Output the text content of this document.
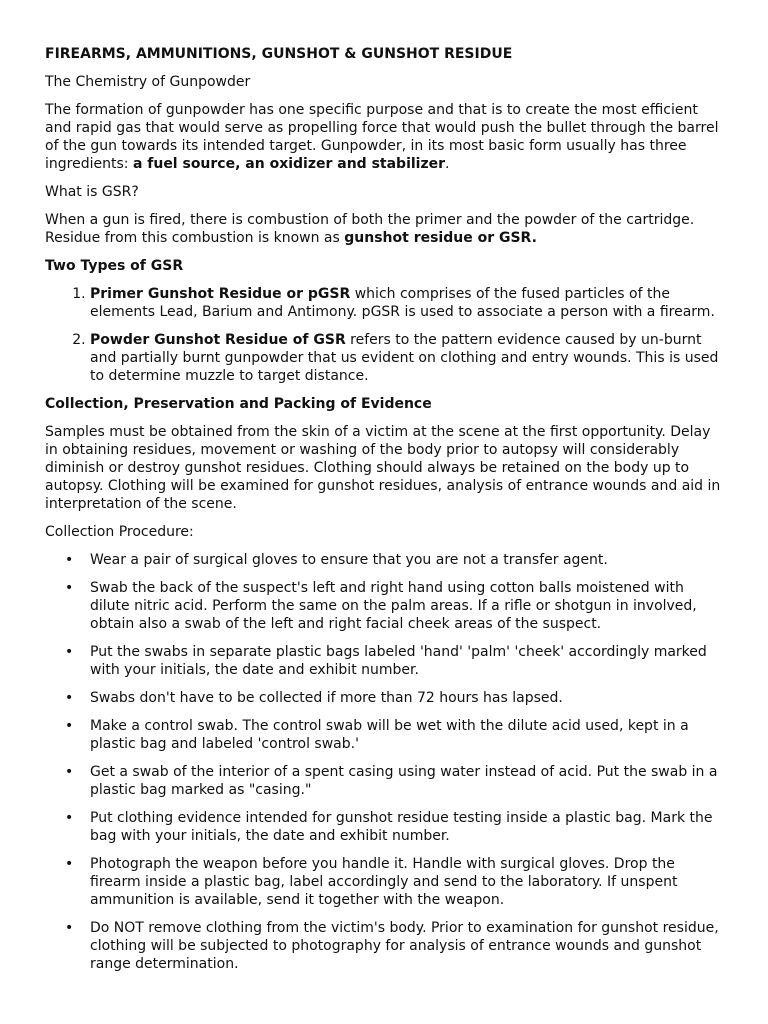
FIREARMS, AMMUNITIONS, GUNSHOT & GUNSHOT RESIDUE

The Chemistry of Gunpowder

The formation of gunpowder has one specific purpose and that is to create the most efficient and rapid gas that would serve as propelling force that would push the bullet through the barrel of the gun towards its intended target. Gunpowder, in its most basic form usually has three ingredients: a fuel source, an oxidizer and stabilizer.

What is GSR?

When a gun is fired, there is combustion of both the primer and the powder of the cartridge. Residue from this combustion is known as gunshot residue or GSR.

Two Types of GSR
1. Primer Gunshot Residue or pGSR which comprises of the fused particles of the elements Lead, Barium and Antimony. pGSR is used to associate a person with a firearm.
2. Powder Gunshot Residue of GSR refers to the pattern evidence caused by un-burnt and partially burnt gunpowder that us evident on clothing and entry wounds. This is used to determine muzzle to target distance.
Collection, Preservation and Packing of Evidence

Samples must be obtained from the skin of a victim at the scene at the first opportunity. Delay in obtaining residues, movement or washing of the body prior to autopsy will considerably diminish or destroy gunshot residues. Clothing should always be retained on the body up to autopsy. Clothing will be examined for gunshot residues, analysis of entrance wounds and aid in interpretation of the scene.

Collection Procedure:

• Wear a pair of surgical gloves to ensure that you are not a transfer agent.
• Swab the back of the suspect's left and right hand using cotton balls moistened with dilute nitric acid. Perform the same on the palm areas. If a rifle or shotgun in involved, obtain also a swab of the left and right facial cheek areas of the suspect.
• Put the swabs in separate plastic bags labeled 'hand' 'palm' 'cheek' accordingly marked with your initials, the date and exhibit number.
• Swabs don't have to be collected if more than 72 hours has lapsed.
• Make a control swab. The control swab will be wet with the dilute acid used, kept in a plastic bag and labeled 'control swab.'
• Get a swab of the interior of a spent casing using water instead of acid. Put the swab in a plastic bag marked as "casing."
• Put clothing evidence intended for gunshot residue testing inside a plastic bag. Mark the bag with your initials, the date and exhibit number.
• Photograph the weapon before you handle it. Handle with surgical gloves. Drop the firearm inside a plastic bag, label accordingly and send to the laboratory. If unspent ammunition is available, send it together with the weapon.
• Do NOT remove clothing from the victim's body. Prior to examination for gunshot residue, clothing will be subjected to photography for analysis of entrance wounds and gunshot range determination.
